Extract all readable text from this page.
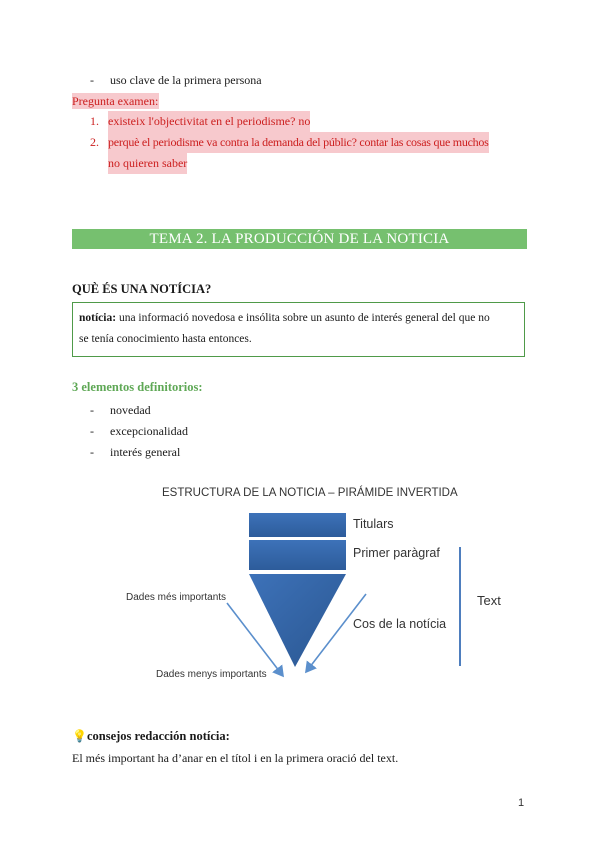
- uso clave de la primera persona
Pregunta examen:
1. existeix l'objectivitat en el periodisme? no
2. perquè el periodisme va contra la demanda del públic? contar las cosas que muchos
no quieren saber
TEMA 2. LA PRODUCCIÓN DE LA NOTICIA
QUÈ ÉS UNA NOTÍCIA?
notícia: una informació novedosa e insólita sobre un asunto de interés general del que no
se tenía conocimiento hasta entonces.
3 elementos definitorios:
- novedad
- excepcionalidad
- interés general
ESTRUCTURA DE LA NOTICIA – PIRÁMIDE INVERTIDA
Titulars
Primer paràgraf
Cos de la notícia
Text
Dades més importants
Dades menys importants
💡consejos redacción notícia:
El més important ha d’anar en el títol i en la primera oració del text.
1
